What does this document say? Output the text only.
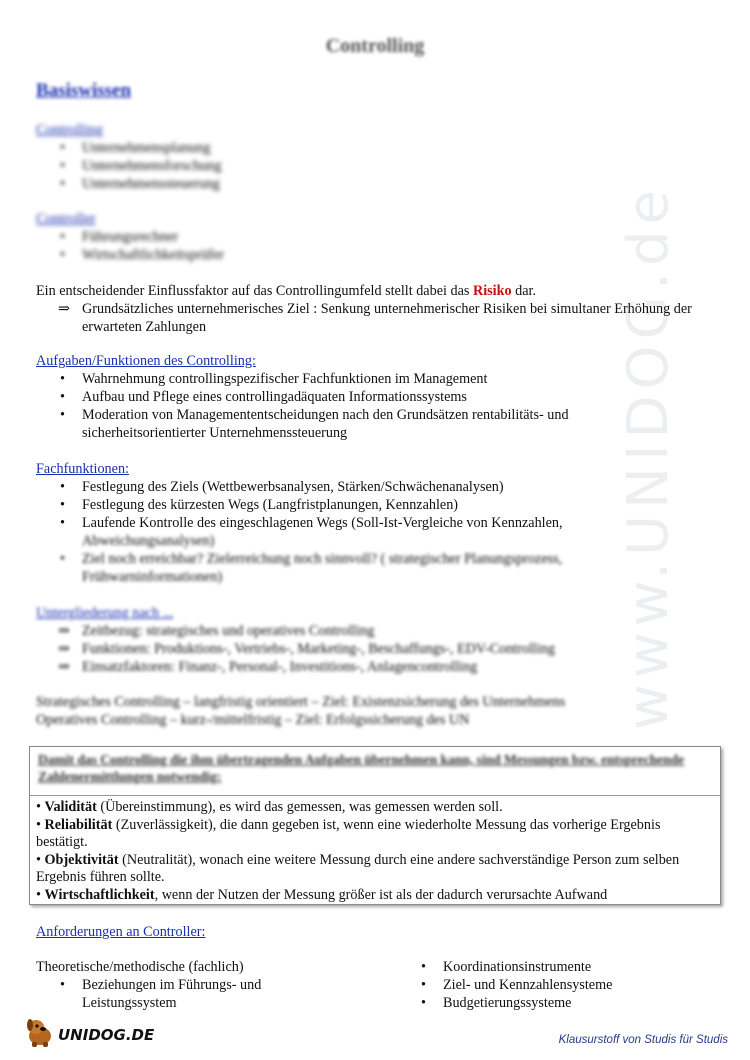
www.UNIDOG.de
Controlling
Basiswissen
Controlling
• Unternehmensplanung
• Unternehmensforschung
• Unternehmenssteuerung
Controller
• Führungsrechner
• Wirtschaftlichkeitsprüfer
Ein entscheidender Einflussfaktor auf das Controllingumfeld stellt dabei das Risiko dar.
⇒ Grundsätzliches unternehmerisches Ziel : Senkung unternehmerischer Risiken bei simultaner Erhöhung der erwarteten Zahlungen
Aufgaben/Funktionen des Controlling:
• Wahrnehmung controllingspezifischer Fachfunktionen im Management
• Aufbau und Pflege eines controllingadäquaten Informationssystems
• Moderation von Managemententscheidungen nach den Grundsätzen rentabilitäts- und sicherheitsorientierter Unternehmenssteuerung
Fachfunktionen:
• Festlegung des Ziels (Wettbewerbsanalysen, Stärken/Schwächenanalysen)
• Festlegung des kürzesten Wegs (Langfristplanungen, Kennzahlen)
• Laufende Kontrolle des eingeschlagenen Wegs (Soll-Ist-Vergleiche von Kennzahlen,
Abweichungsanalysen)
• Ziel noch erreichbar? Zielerreichung noch sinnvoll? ( strategischer Planungsprozess, Frühwarninformationen)
Untergliederung nach ...
⇒ Zeitbezug: strategisches und operatives Controlling
⇒ Funktionen: Produktions-, Vertriebs-, Marketing-, Beschaffungs-, EDV-Controlling
⇒ Einsatzfaktoren: Finanz-, Personal-, Investitions-, Anlagencontrolling
Strategisches Controlling – langfristig orientiert – Ziel: Existenzsicherung des Unternehmens
Operatives Controlling – kurz-/mittelfristig – Ziel: Erfolgssicherung des UN
Damit das Controlling die ihm übertragenden Aufgaben übernehmen kann, sind Messungen bzw. entsprechende Zahlenermittlungen notwendig:
• Validität (Übereinstimmung), es wird das gemessen, was gemessen werden soll.
• Reliabilität (Zuverlässigkeit), die dann gegeben ist, wenn eine wiederholte Messung das vorherige Ergebnis bestätigt.
• Objektivität (Neutralität), wonach eine weitere Messung durch eine andere sachverständige Person zum selben Ergebnis führen sollte.
• Wirtschaftlichkeit, wenn der Nutzen der Messung größer ist als der dadurch verursachte Aufwand
Anforderungen an Controller:
Theoretische/methodische (fachlich)
• Beziehungen im Führungs- und Leistungssystem
• Koordinationsinstrumente
• Ziel- und Kennzahlensysteme
• Budgetierungssysteme
UNIDOG.DE	Klausurstoff von Studis für Studis
